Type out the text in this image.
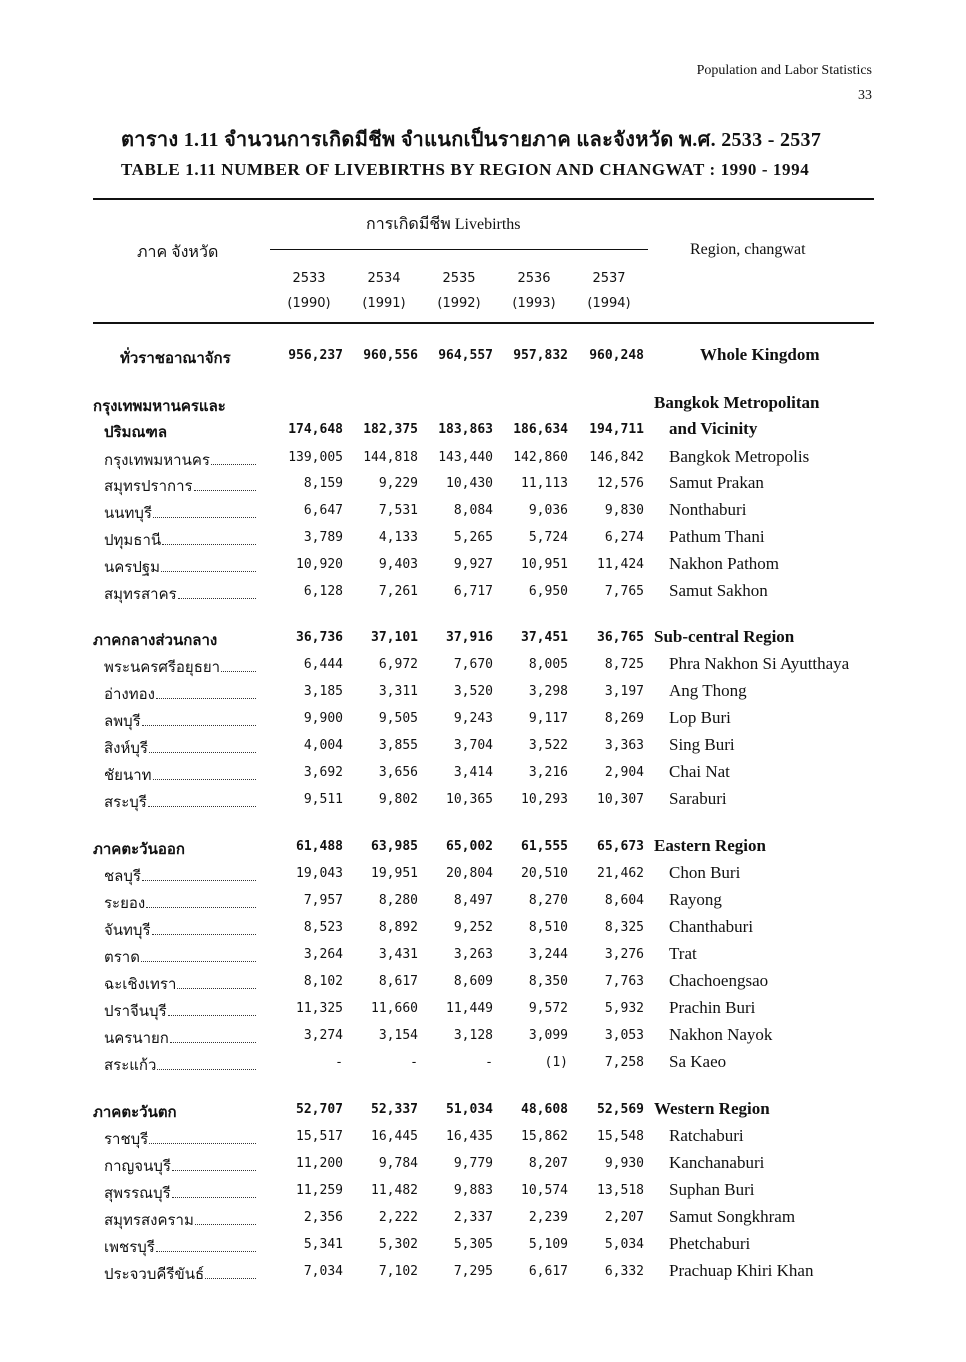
Population and Labor Statistics
33
ตาราง 1.11 จำนวนการเกิดมีชีพ จำแนกเป็นรายภาค และจังหวัด พ.ศ. 2533 - 2537
TABLE 1.11 NUMBER OF LIVEBIRTHS BY REGION AND CHANGWAT : 1990 - 1994
ภาค จังหวัด
การเกิดมีชีพ Livebirths
Region, changwat
2533	2534	2535	2536	2537
(1990)	(1991)	(1992)	(1993)	(1994)
ทั่วราชอาณาจักร	956,237	960,556	964,557	957,832	960,248	Whole Kingdom
กรุงเทพมหานครและ	Bangkok Metropolitan
ปริมณฑล	174,648	182,375	183,863	186,634	194,711 and Vicinity
กรุงเทพมหานคร	139,005	144,818	143,440	142,860	146,842 Bangkok Metropolis
สมุทรปราการ	8,159	9,229	10,430	11,113	12,576 Samut Prakan
นนทบุรี	6,647	7,531	8,084	9,036	9,830 Nonthaburi
ปทุมธานี	3,789	4,133	5,265	5,724	6,274 Pathum Thani
นครปฐม	10,920	9,403	9,927	10,951	11,424 Nakhon Pathom
สมุทรสาคร	6,128	7,261	6,717	6,950	7,765 Samut Sakhon
ภาคกลางส่วนกลาง	36,736	37,101	37,916	37,451	36,765 Sub-central Region
พระนครศรีอยุธยา	6,444	6,972	7,670	8,005	8,725 Phra Nakhon Si Ayutthaya
อ่างทอง	3,185	3,311	3,520	3,298	3,197 Ang Thong
ลพบุรี	9,900	9,505	9,243	9,117	8,269 Lop Buri
สิงห์บุรี	4,004	3,855	3,704	3,522	3,363 Sing Buri
ชัยนาท	3,692	3,656	3,414	3,216	2,904 Chai Nat
สระบุรี	9,511	9,802	10,365	10,293	10,307 Saraburi
ภาคตะวันออก	61,488	63,985	65,002	61,555	65,673 Eastern Region
ชลบุรี	19,043	19,951	20,804	20,510	21,462 Chon Buri
ระยอง	7,957	8,280	8,497	8,270	8,604 Rayong
จันทบุรี	8,523	8,892	9,252	8,510	8,325 Chanthaburi
ตราด	3,264	3,431	3,263	3,244	3,276 Trat
ฉะเชิงเทรา	8,102	8,617	8,609	8,350	7,763 Chachoengsao
ปราจีนบุรี	11,325	11,660	11,449	9,572	5,932 Prachin Buri
นครนายก	3,274	3,154	3,128	3,099	3,053 Nakhon Nayok
สระแก้ว	-	-	-	(1)	7,258 Sa Kaeo
ภาคตะวันตก	52,707	52,337	51,034	48,608	52,569 Western Region
ราชบุรี	15,517	16,445	16,435	15,862	15,548 Ratchaburi
กาญจนบุรี	11,200	9,784	9,779	8,207	9,930 Kanchanaburi
สุพรรณบุรี	11,259	11,482	9,883	10,574	13,518 Suphan Buri
สมุทรสงคราม	2,356	2,222	2,337	2,239	2,207 Samut Songkhram
เพชรบุรี	5,341	5,302	5,305	5,109	5,034 Phetchaburi
ประจวบคีรีขันธ์	7,034	7,102	7,295	6,617	6,332 Prachuap Khiri Khan
